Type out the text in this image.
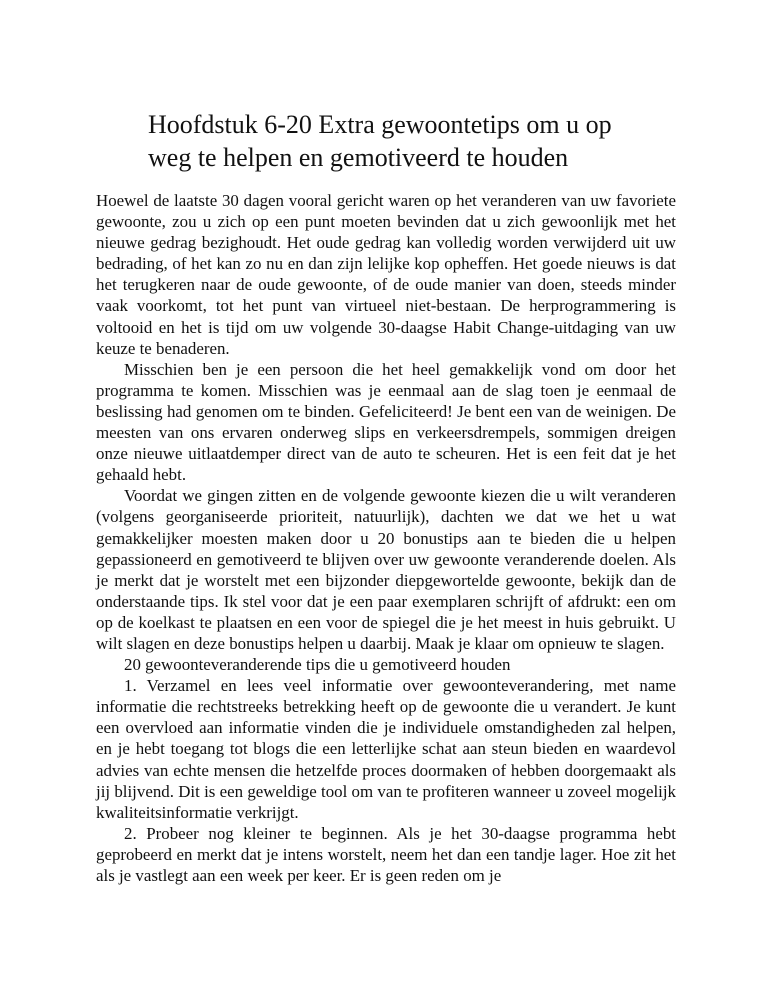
Hoofdstuk 6-20 Extra gewoontetips om u op weg te helpen en gemotiveerd te houden

Hoewel de laatste 30 dagen vooral gericht waren op het veranderen van uw favoriete gewoonte, zou u zich op een punt moeten bevinden dat u zich gewoonlijk met het nieuwe gedrag bezighoudt. Het oude gedrag kan volledig worden verwijderd uit uw bedrading, of het kan zo nu en dan zijn lelijke kop opheffen. Het goede nieuws is dat het terugkeren naar de oude gewoonte, of de oude manier van doen, steeds minder vaak voorkomt, tot het punt van virtueel niet-bestaan. De herprogrammering is voltooid en het is tijd om uw volgende 30-daagse Habit Change-uitdaging van uw keuze te benaderen.

Misschien ben je een persoon die het heel gemakkelijk vond om door het programma te komen. Misschien was je eenmaal aan de slag toen je eenmaal de beslissing had genomen om te binden. Gefeliciteerd! Je bent een van de weinigen. De meesten van ons ervaren onderweg slips en verkeersdrempels, sommigen dreigen onze nieuwe uitlaatdemper direct van de auto te scheuren. Het is een feit dat je het gehaald hebt.

Voordat we gingen zitten en de volgende gewoonte kiezen die u wilt veranderen (volgens georganiseerde prioriteit, natuurlijk), dachten we dat we het u wat gemakkelijker moesten maken door u 20 bonustips aan te bieden die u helpen gepassioneerd en gemotiveerd te blijven over uw gewoonte veranderende doelen. Als je merkt dat je worstelt met een bijzonder diepgewortelde gewoonte, bekijk dan de onderstaande tips. Ik stel voor dat je een paar exemplaren schrijft of afdrukt: een om op de koelkast te plaatsen en een voor de spiegel die je het meest in huis gebruikt. U wilt slagen en deze bonustips helpen u daarbij. Maak je klaar om opnieuw te slagen.

20 gewoonteveranderende tips die u gemotiveerd houden

1. Verzamel en lees veel informatie over gewoonteverandering, met name informatie die rechtstreeks betrekking heeft op de gewoonte die u verandert. Je kunt een overvloed aan informatie vinden die je individuele omstandigheden zal helpen, en je hebt toegang tot blogs die een letterlijke schat aan steun bieden en waardevol advies van echte mensen die hetzelfde proces doormaken of hebben doorgemaakt als jij blijvend. Dit is een geweldige tool om van te profiteren wanneer u zoveel mogelijk kwaliteitsinformatie verkrijgt.

2. Probeer nog kleiner te beginnen. Als je het 30-daagse programma hebt geprobeerd en merkt dat je intens worstelt, neem het dan een tandje lager. Hoe zit het als je vastlegt aan een week per keer. Er is geen reden om je
